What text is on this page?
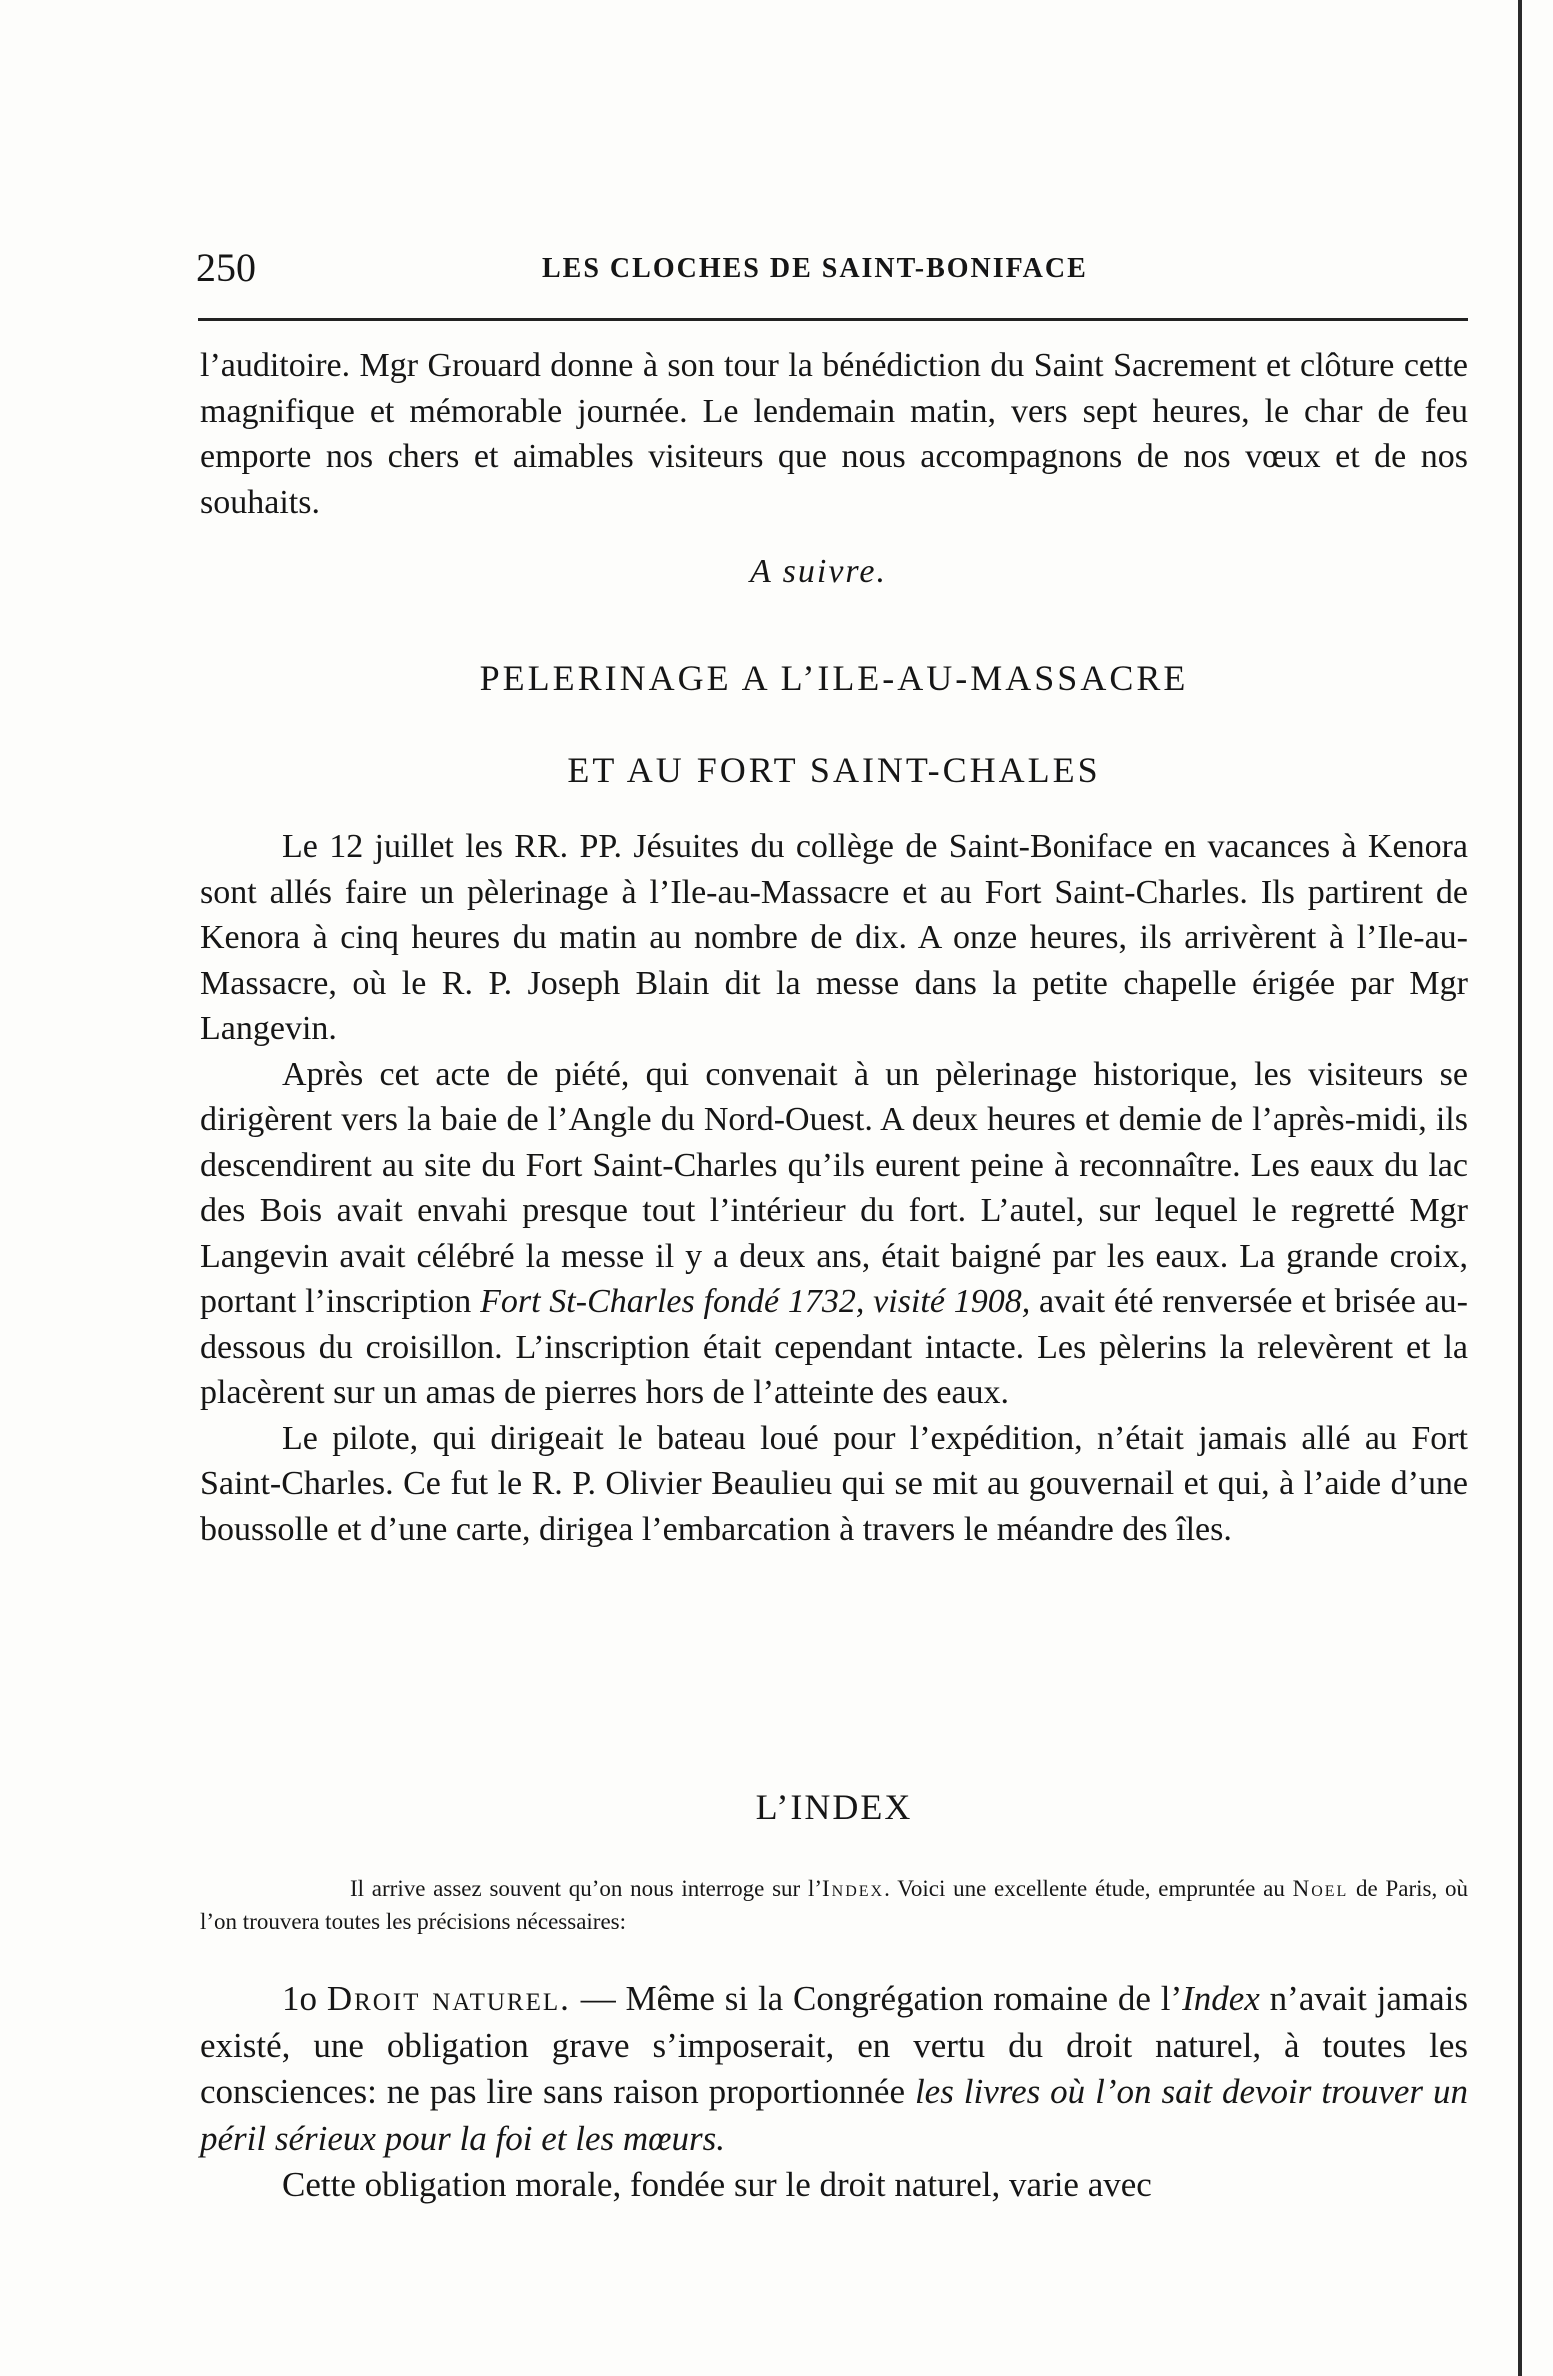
250	LES CLOCHES DE SAINT-BONIFACE

l’auditoire. Mgr Grouard donne à son tour la bénédiction du Saint Sacrement et clôture cette magnifique et mémorable journée. Le lendemain matin, vers sept heures, le char de feu emporte nos chers et aimables visiteurs que nous accompagnons de nos vœux et de nos souhaits.

A suivre.
PELERINAGE A L’ILE-AU-MASSACRE
ET AU FORT SAINT-CHALES

Le 12 juillet les RR. PP. Jésuites du collège de Saint-Boniface en vacances à Kenora sont allés faire un pèlerinage à l’Ile-au-Massacre et au Fort Saint-Charles. Ils partirent de Kenora à cinq heures du matin au nombre de dix. A onze heures, ils arrivèrent à l’Ile-au-Massacre, où le R. P. Joseph Blain dit la messe dans la petite chapelle érigée par Mgr Langevin.

Après cet acte de piété, qui convenait à un pèlerinage historique, les visiteurs se dirigèrent vers la baie de l’Angle du Nord-Ouest. A deux heures et demie de l’après-midi, ils descendirent au site du Fort Saint-Charles qu’ils eurent peine à reconnaître. Les eaux du lac des Bois avait envahi presque tout l’intérieur du fort. L’autel, sur lequel le regretté Mgr Langevin avait célébré la messe il y a deux ans, était baigné par les eaux. La grande croix, portant l’inscription Fort St-Charles fondé 1732, visité 1908, avait été renversée et brisée au-dessous du croisillon. L’inscription était cependant intacte. Les pèlerins la relevèrent et la placèrent sur un amas de pierres hors de l’atteinte des eaux.

Le pilote, qui dirigeait le bateau loué pour l’expédition, n’était jamais allé au Fort Saint-Charles. Ce fut le R. P. Olivier Beaulieu qui se mit au gouvernail et qui, à l’aide d’une boussolle et d’une carte, dirigea l’embarcation à travers le méandre des îles.

L’INDEX
Il arrive assez souvent qu’on nous interroge sur l’Index. Voici une excellente étude, empruntée au Noel de Paris, où l’on trouvera toutes les précisions nécessaires:

1o Droit naturel. — Même si la Congrégation romaine de l’Index n’avait jamais existé, une obligation grave s’imposerait, en vertu du droit naturel, à toutes les consciences: ne pas lire sans raison proportionnée les livres où l’on sait devoir trouver un péril sérieux pour la foi et les mœurs.

Cette obligation morale, fondée sur le droit naturel, varie avec
